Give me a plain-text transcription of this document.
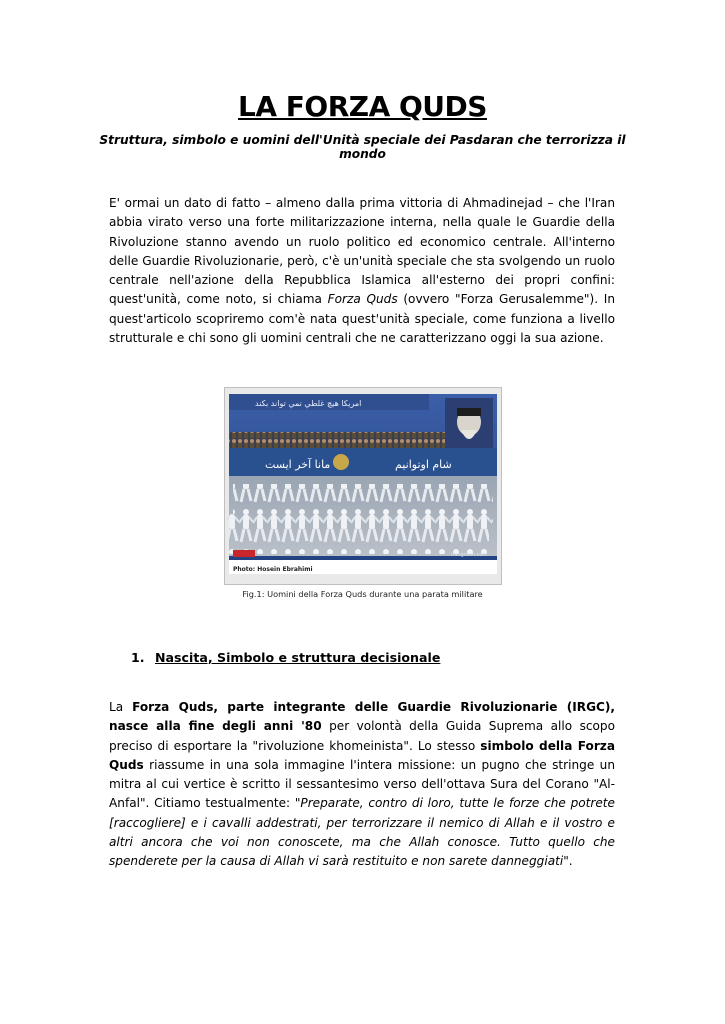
LA FORZA QUDS
Struttura, simbolo e uomini dell'Unità speciale dei Pasdaran che terrorizza il mondo
E' ormai un dato di fatto – almeno dalla prima vittoria di Ahmadinejad – che l'Iran abbia virato verso una forte militarizzazione interna, nella quale le Guardie della Rivoluzione stanno avendo un ruolo politico ed economico centrale. All'interno delle Guardie Rivoluzionarie, però, c'è un'unità speciale che sta svolgendo un ruolo centrale nell'azione della Repubblica Islamica all'esterno dei propri confini: quest'unità, come noto, si chiama Forza Quds (ovvero "Forza Gerusalemme"). In quest'articolo scopriremo com'è nata quest'unità speciale, come funziona a livello strutturale e chi sono gli uomini centrali che ne caratterizzano oggi la sua azione.
ﺍﻣﺮﻳﻜﺎ ﻫﻴﭻ ﻏﻠﻄﻲ ﻧﻤﻲ ﺗﻮﺍﻧﺪ ﺑﻜﻨﺪ
ﻣﺎﻧﺎ ﺁﺧﺮ ﺍﻳﺴﺖ	ﺷﺎﻡ ﺍﻭﺗﻮﺍﻧﻴﻢ
Photo: Hosein Ebrahimi
irangreen.com
Fig.1: Uomini della Forza Quds durante una parata militare
1. Nascita, Simbolo e struttura decisionale
La Forza Quds, parte integrante delle Guardie Rivoluzionarie (IRGC), nasce alla fine degli anni '80 per volontà della Guida Suprema allo scopo preciso di esportare la "rivoluzione khomeinista". Lo stesso simbolo della Forza Quds riassume in una sola immagine l'intera missione: un pugno che stringe un mitra al cui vertice è scritto il sessantesimo verso dell'ottava Sura del Corano "Al-Anfal". Citiamo testualmente: "Preparate, contro di loro, tutte le forze che potrete [raccogliere] e i cavalli addestrati, per terrorizzare il nemico di Allah e il vostro e altri ancora che voi non conoscete, ma che Allah conosce. Tutto quello che spenderete per la causa di Allah vi sarà restituito e non sarete danneggiati".
